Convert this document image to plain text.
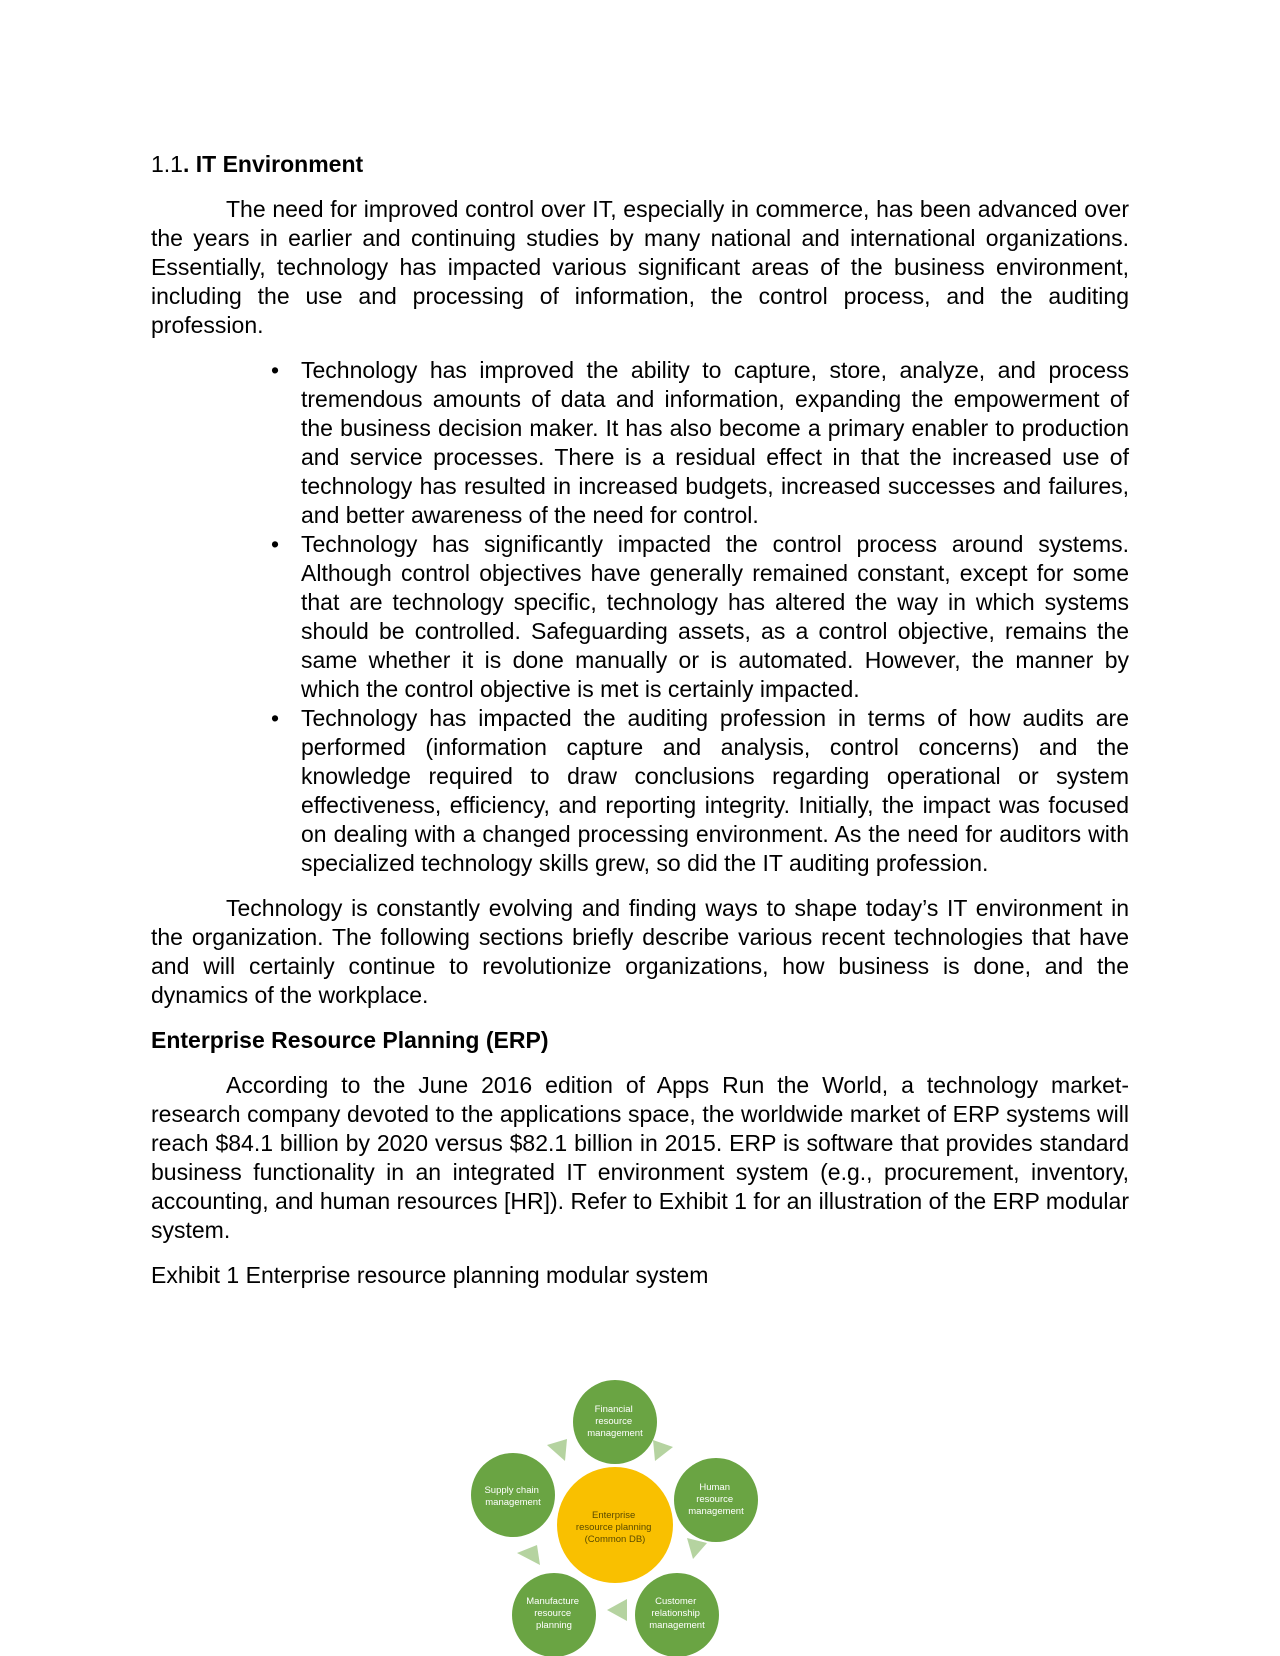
1.1. IT Environment

The need for improved control over IT, especially in commerce, has been advanced over the years in earlier and continuing studies by many national and international organizations. Essentially, technology has impacted various significant areas of the business environment, including the use and processing of information, the control process, and the auditing profession.

• Technology has improved the ability to capture, store, analyze, and process tremendous amounts of data and information, expanding the empowerment of the business decision maker. It has also become a primary enabler to production and service processes. There is a residual effect in that the increased use of technology has resulted in increased budgets, increased successes and failures, and better awareness of the need for control.
• Technology has significantly impacted the control process around systems. Although control objectives have generally remained constant, except for some that are technology specific, technology has altered the way in which systems should be controlled. Safeguarding assets, as a control objective, remains the same whether it is done manually or is automated. However, the manner by which the control objective is met is certainly impacted.
• Technology has impacted the auditing profession in terms of how audits are performed (information capture and analysis, control concerns) and the knowledge required to draw conclusions regarding operational or system effectiveness, efficiency, and reporting integrity. Initially, the impact was focused on dealing with a changed processing environment. As the need for auditors with specialized technology skills grew, so did the IT auditing profession.

Technology is constantly evolving and finding ways to shape today’s IT environment in the organization. The following sections briefly describe various recent technologies that have and will certainly continue to revolutionize organizations, how business is done, and the dynamics of the workplace.

Enterprise Resource Planning (ERP)

According to the June 2016 edition of Apps Run the World, a technology market-research company devoted to the applications space, the worldwide market of ERP systems will reach $84.1 billion by 2020 versus $82.1 billion in 2015. ERP is software that provides standard business functionality in an integrated IT environment system (e.g., procurement, inventory, accounting, and human resources [HR]). Refer to Exhibit 1 for an illustration of the ERP modular system.

Exhibit 1 Enterprise resource planning modular system

Financial resource management
Human resource management
Customer relationship management
Manufacture resource planning
Supply chain management
Enterprise resource planning (Common DB)
